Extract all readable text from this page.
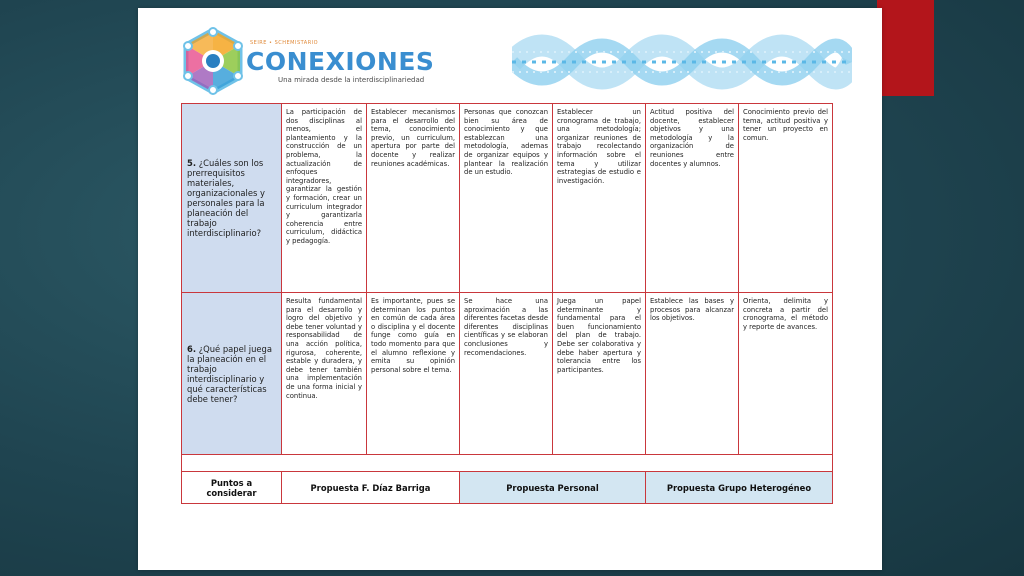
SEIRE • SCHEMISTARIO
CONEXIONES
Una mirada desde la interdisciplinariedad
5. ¿Cuáles son los prerrequisitos materiales, organizacionales y personales para la planeación del trabajo interdisciplinario?	La participación de dos disciplinas al menos, el planteamiento y la construcción de un problema, la actualización de enfoques integradores, garantizar la gestión y formación, crear un curriculum integrador y garantizarla coherencia entre curriculum, didáctica y pedagogía.	Establecer mecanismos para el desarrollo del tema, conocimiento previo, un curriculum, apertura por parte del docente y realizar reuniones académicas.	Personas que conozcan bien su área de conocimiento y que establezcan una metodología, ademas de organizar equipos y plantear la realización de un estudio.	Establecer un cronograma de trabajo, una metodología; organizar reuniones de trabajo recolectando información sobre el tema y utilizar estrategias de estudio e investigación.	Actitud positiva del docente, establecer objetivos y una metodología y la organización de reuniones entre docentes y alumnos.	Conocimiento previo del tema, actitud positiva y tener un proyecto en comun.
6. ¿Qué papel juega la planeación en el trabajo interdisciplinario y qué características debe tener?	Resulta fundamental para el desarrollo y logro del objetivo y debe tener voluntad y responsabilidad de una acción política, rigurosa, coherente, estable y duradera, y debe tener también una implementación de una forma inicial y continua.	Es importante, pues se determinan los puntos en común de cada área o disciplina y el docente funge como guía en todo momento para que el alumno reflexione y emita su opinión personal sobre el tema.	Se hace una aproximación a las diferentes facetas desde diferentes disciplinas científicas y se elaboran conclusiones y recomendaciones.	Juega un papel determinante y fundamental para el buen funcionamiento del plan de trabajo. Debe ser colaborativa y debe haber apertura y tolerancia entre los participantes.	Establece las bases y procesos para alcanzar los objetivos.	Orienta, delimita y concreta a partir del cronograma, el método y reporte de avances.

Puntos a considerar	Propuesta F. Díaz Barriga		Propuesta Personal		Propuesta Grupo Heterogéneo	
